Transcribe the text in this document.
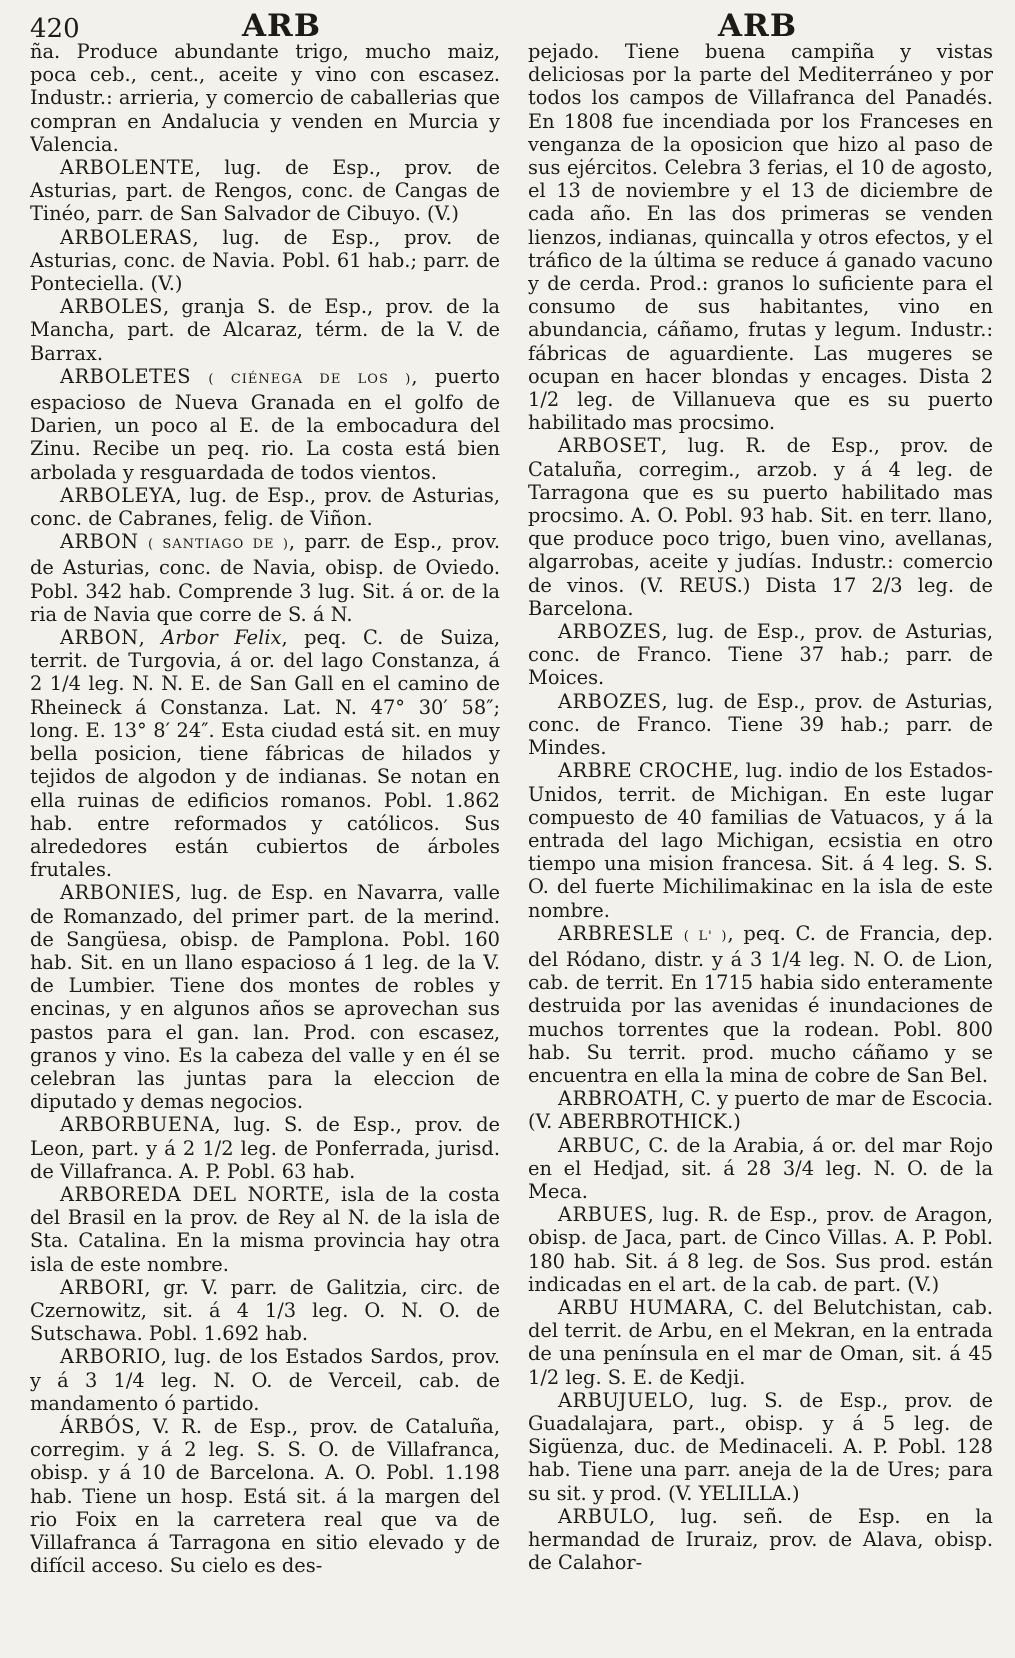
420	ARB	ARB

ña. Produce abundante trigo, mucho maiz, poca ceb., cent., aceite y vino con escasez. Industr.: arrieria, y comercio de caballerias que compran en Andalucia y venden en Murcia y Valencia.

ARBOLENTE, lug. de Esp., prov. de Asturias, part. de Rengos, conc. de Cangas de Tinéo, parr. de San Salvador de Cibuyo. (V.)

ARBOLERAS, lug. de Esp., prov. de Asturias, conc. de Navia. Pobl. 61 hab.; parr. de Ponteciella. (V.)

ARBOLES, granja S. de Esp., prov. de la Mancha, part. de Alcaraz, térm. de la V. de Barrax.

ARBOLETES ( CIÉNEGA DE LOS ), puerto espacioso de Nueva Granada en el golfo de Darien, un poco al E. de la embocadura del Zinu. Recibe un peq. rio. La costa está bien arbolada y resguardada de todos vientos.

ARBOLEYA, lug. de Esp., prov. de Asturias, conc. de Cabranes, felig. de Viñon.

ARBON ( SANTIAGO DE ), parr. de Esp., prov. de Asturias, conc. de Navia, obisp. de Oviedo. Pobl. 342 hab. Comprende 3 lug. Sit. á or. de la ria de Navia que corre de S. á N.

ARBON, Arbor Felix, peq. C. de Suiza, territ. de Turgovia, á or. del lago Constanza, á 2 1/4 leg. N. N. E. de San Gall en el camino de Rheineck á Constanza. Lat. N. 47° 30′ 58″; long. E. 13° 8′ 24″. Esta ciudad está sit. en muy bella posicion, tiene fábricas de hilados y tejidos de algodon y de indianas. Se notan en ella ruinas de edificios romanos. Pobl. 1.862 hab. entre reformados y católicos. Sus alrededores están cubiertos de árboles frutales.

ARBONIES, lug. de Esp. en Navarra, valle de Romanzado, del primer part. de la merind. de Sangüesa, obisp. de Pamplona. Pobl. 160 hab. Sit. en un llano espacioso á 1 leg. de la V. de Lumbier. Tiene dos montes de robles y encinas, y en algunos años se aprovechan sus pastos para el gan. lan. Prod. con escasez, granos y vino. Es la cabeza del valle y en él se celebran las juntas para la eleccion de diputado y demas negocios.

ARBORBUENA, lug. S. de Esp., prov. de Leon, part. y á 2 1/2 leg. de Ponferrada, jurisd. de Villafranca. A. P. Pobl. 63 hab.

ARBOREDA DEL NORTE, isla de la costa del Brasil en la prov. de Rey al N. de la isla de Sta. Catalina. En la misma provincia hay otra isla de este nombre.

ARBORI, gr. V. parr. de Galitzia, circ. de Czernowitz, sit. á 4 1/3 leg. O. N. O. de Sutschawa. Pobl. 1.692 hab.

ARBORIO, lug. de los Estados Sardos, prov. y á 3 1/4 leg. N. O. de Verceil, cab. de mandamento ó partido.

ÁRBÓS, V. R. de Esp., prov. de Cataluña, corregim. y á 2 leg. S. S. O. de Villafranca, obisp. y á 10 de Barcelona. A. O. Pobl. 1.198 hab. Tiene un hosp. Está sit. á la margen del rio Foix en la carretera real que va de Villafranca á Tarragona en sitio elevado y de difícil acceso. Su cielo es des-

pejado. Tiene buena campiña y vistas deliciosas por la parte del Mediterráneo y por todos los campos de Villafranca del Panadés. En 1808 fue incendiada por los Franceses en venganza de la oposicion que hizo al paso de sus ejércitos. Celebra 3 ferias, el 10 de agosto, el 13 de noviembre y el 13 de diciembre de cada año. En las dos primeras se venden lienzos, indianas, quincalla y otros efectos, y el tráfico de la última se reduce á ganado vacuno y de cerda. Prod.: granos lo suficiente para el consumo de sus habitantes, vino en abundancia, cáñamo, frutas y legum. Industr.: fábricas de aguardiente. Las mugeres se ocupan en hacer blondas y encages. Dista 2 1/2 leg. de Villanueva que es su puerto habilitado mas procsimo.

ARBOSET, lug. R. de Esp., prov. de Cataluña, corregim., arzob. y á 4 leg. de Tarragona que es su puerto habilitado mas procsimo. A. O. Pobl. 93 hab. Sit. en terr. llano, que produce poco trigo, buen vino, avellanas, algarrobas, aceite y judías. Industr.: comercio de vinos. (V. REUS.) Dista 17 2/3 leg. de Barcelona.

ARBOZES, lug. de Esp., prov. de Asturias, conc. de Franco. Tiene 37 hab.; parr. de Moices.

ARBOZES, lug. de Esp., prov. de Asturias, conc. de Franco. Tiene 39 hab.; parr. de Mindes.

ARBRE CROCHE, lug. indio de los Estados-Unidos, territ. de Michigan. En este lugar compuesto de 40 familias de Vatuacos, y á la entrada del lago Michigan, ecsistia en otro tiempo una mision francesa. Sit. á 4 leg. S. S. O. del fuerte Michilimakinac en la isla de este nombre.

ARBRESLE ( L' ), peq. C. de Francia, dep. del Ródano, distr. y á 3 1/4 leg. N. O. de Lion, cab. de territ. En 1715 habia sido enteramente destruida por las avenidas é inundaciones de muchos torrentes que la rodean. Pobl. 800 hab. Su territ. prod. mucho cáñamo y se encuentra en ella la mina de cobre de San Bel.

ARBROATH, C. y puerto de mar de Escocia. (V. ABERBROTHICK.)

ARBUC, C. de la Arabia, á or. del mar Rojo en el Hedjad, sit. á 28 3/4 leg. N. O. de la Meca.

ARBUES, lug. R. de Esp., prov. de Aragon, obisp. de Jaca, part. de Cinco Villas. A. P. Pobl. 180 hab. Sit. á 8 leg. de Sos. Sus prod. están indicadas en el art. de la cab. de part. (V.)

ARBU HUMARA, C. del Belutchistan, cab. del territ. de Arbu, en el Mekran, en la entrada de una península en el mar de Oman, sit. á 45 1/2 leg. S. E. de Kedji.

ARBUJUELO, lug. S. de Esp., prov. de Guadalajara, part., obisp. y á 5 leg. de Sigüenza, duc. de Medinaceli. A. P. Pobl. 128 hab. Tiene una parr. aneja de la de Ures; para su sit. y prod. (V. YELILLA.)

ARBULO, lug. señ. de Esp. en la hermandad de Iruraiz, prov. de Alava, obisp. de Calahor-
